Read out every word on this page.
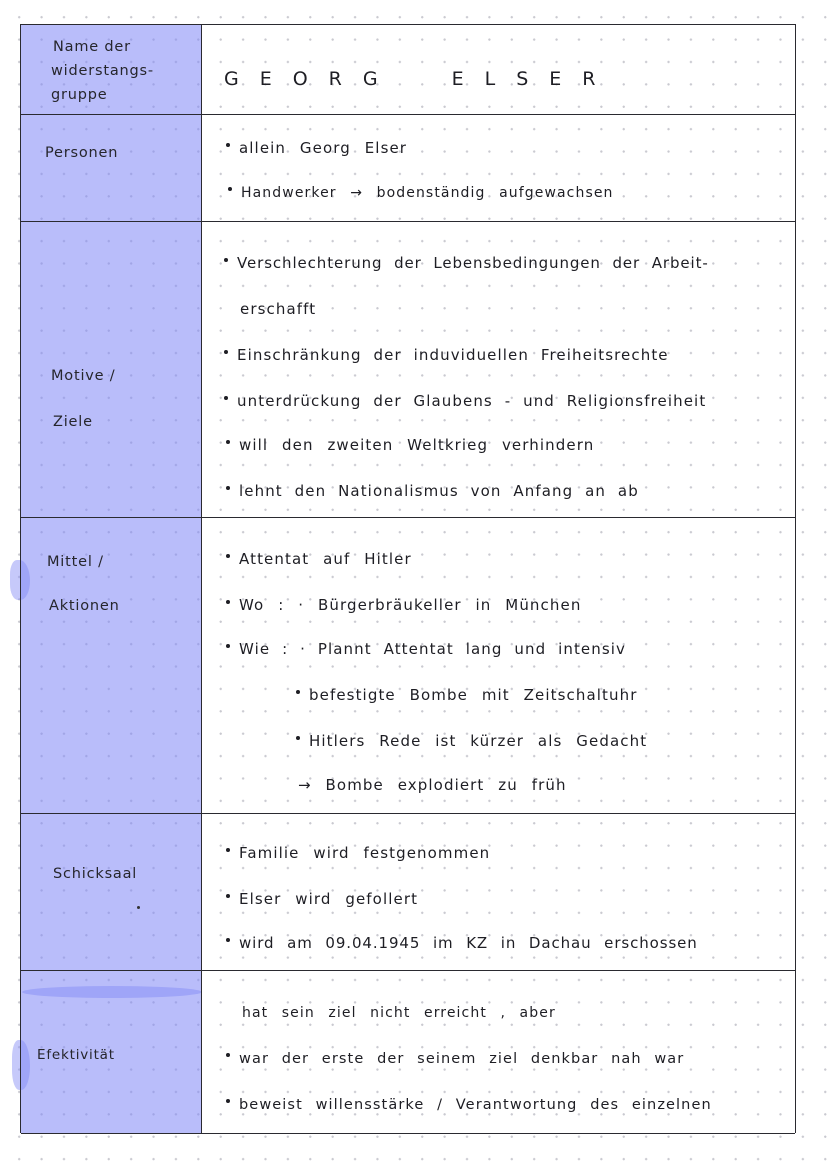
Name der
widerstangs-
gruppe
GEORG ELSER
Personen	allein Georg Elser
Handwerker → bodenständig aufgewachsen
Motive /
Ziele
Verschlechterung der Lebensbedingungen der Arbeit-
erschafft
Einschränkung der induviduellen Freiheitsrechte
unterdrückung der Glaubens - und Religionsfreiheit
will den zweiten Weltkrieg verhindern
lehnt den Nationalismus von Anfang an ab
Mittel /
Aktionen
Attentat auf Hitler
Wo : · Bürgerbräukeller in München
Wie : · Plannt Attentat lang und intensiv
befestigte Bombe mit Zeitschaltuhr
Hitlers Rede ist kürzer als Gedacht
→ Bombe explodiert zu früh
Schicksaal
Familie wird festgenommen
Elser wird gefollert
wird am 09.04.1945 im KZ in Dachau erschossen
Efektivität
hat sein ziel nicht erreicht , aber
war der erste der seinem ziel denkbar nah war
beweist willensstärke / Verantwortung des einzelnen
